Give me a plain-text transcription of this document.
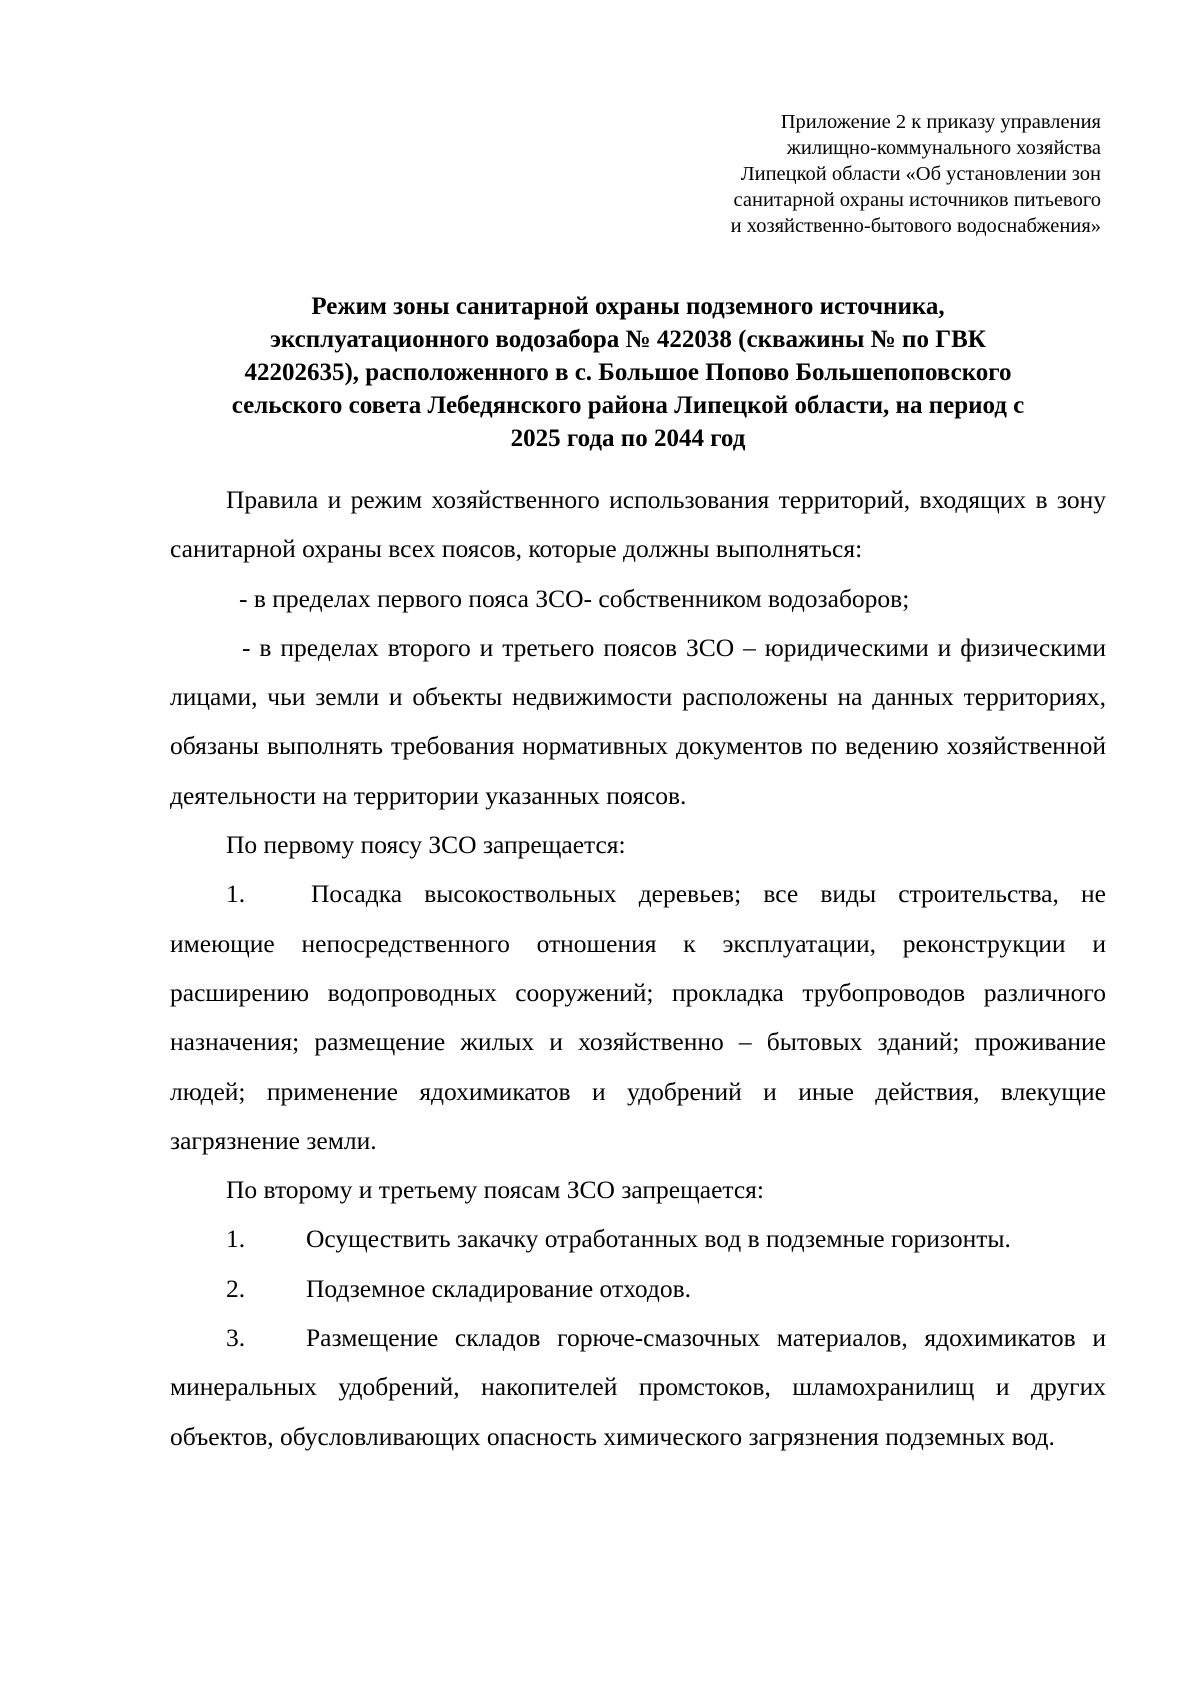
Приложение 2 к приказу управления
жилищно-коммунального хозяйства
Липецкой области «Об установлении зон
санитарной охраны источников питьевого
и хозяйственно-бытового водоснабжения»
Режим зоны санитарной охраны подземного источника,
эксплуатационного водозабора № 422038 (скважины № по ГВК
42202635), расположенного в с. Большое Попово Большепоповского
сельского совета Лебедянского района Липецкой области, на период с
2025 года по 2044 год

Правила и режим хозяйственного использования территорий, входящих в зону санитарной охраны всех поясов, которые должны выполняться:

- в пределах первого пояса ЗСО- собственником водозаборов;

- в пределах второго и третьего поясов ЗСО – юридическими и физическими лицами, чьи земли и объекты недвижимости расположены на данных территориях, обязаны выполнять требования нормативных документов по ведению хозяйственной деятельности на территории указанных поясов.

По первому поясу ЗСО запрещается:

1.	Посадка высокоствольных деревьев; все виды строительства, не имеющие непосредственного отношения к эксплуатации, реконструкции и расширению водопроводных сооружений; прокладка трубопроводов различного назначения; размещение жилых и хозяйственно – бытовых зданий; проживание людей; применение ядохимикатов и удобрений и иные действия, влекущие загрязнение земли.

По второму и третьему поясам ЗСО запрещается:

1.	Осуществить закачку отработанных вод в подземные горизонты.

2.	Подземное складирование отходов.

3. Размещение складов горюче-смазочных материалов, ядохимикатов и минеральных удобрений, накопителей промстоков, шламохранилищ и других объектов, обусловливающих опасность химического загрязнения подземных вод.
